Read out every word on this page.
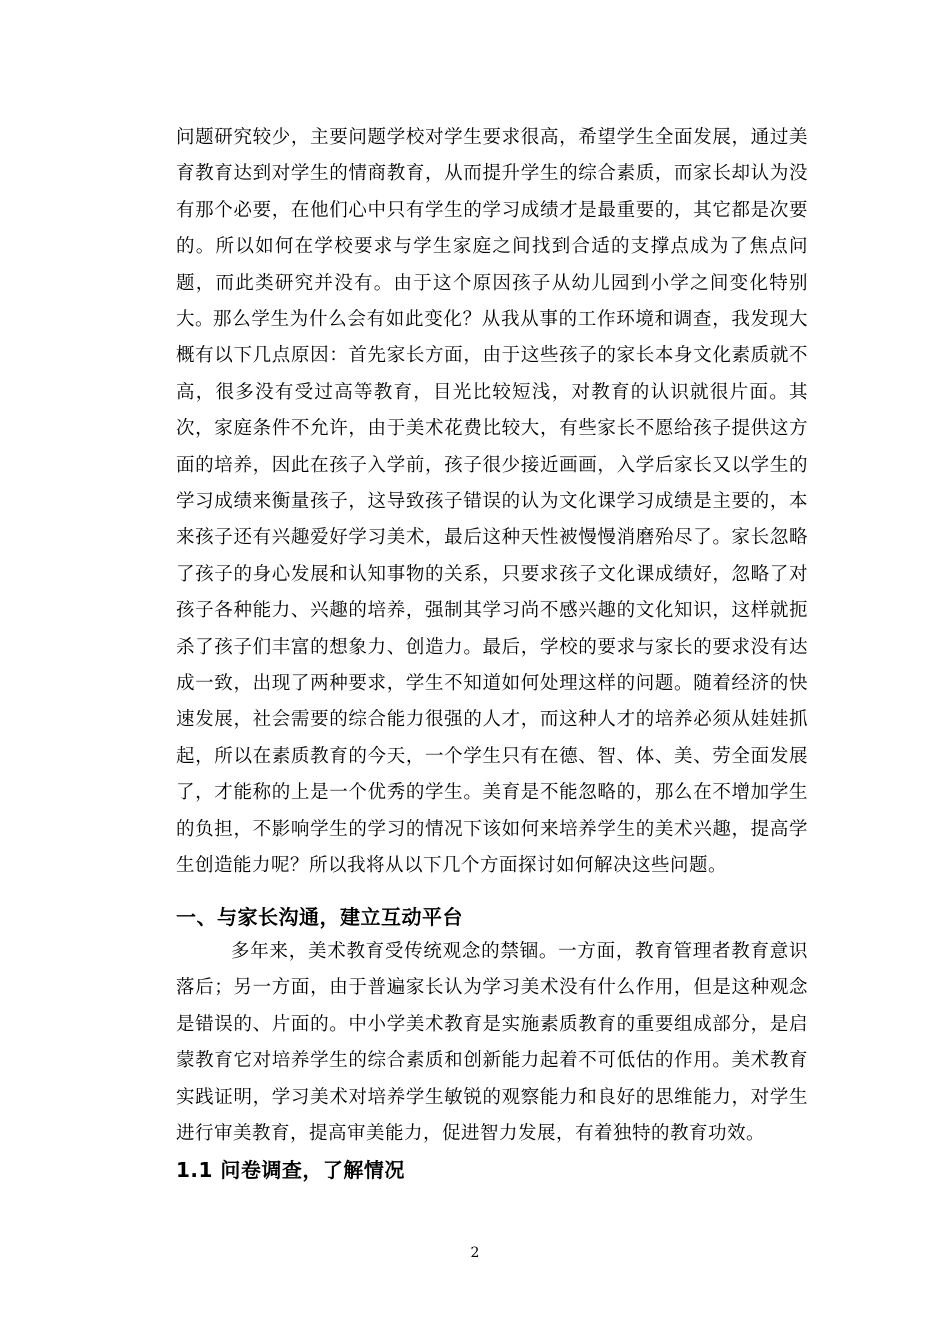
问题研究较少，主要问题学校对学生要求很高，希望学生全面发展，通过美育教育达到对学生的情商教育，从而提升学生的综合素质，而家长却认为没有那个必要，在他们心中只有学生的学习成绩才是最重要的，其它都是次要的。所以如何在学校要求与学生家庭之间找到合适的支撑点成为了焦点问题，而此类研究并没有。由于这个原因孩子从幼儿园到小学之间变化特别大。

那么学生为什么会有如此变化？从我从事的工作环境和调查，我发现大概有以下几点原因：首先家长方面，由于这些孩子的家长本身文化素质就不高，很多没有受过高等教育，目光比较短浅，对教育的认识就很片面。其次，家庭条件不允许，由于美术花费比较大，有些家长不愿给孩子提供这方面的培养，因此在孩子入学前，孩子很少接近画画，入学后家长又以学生的学习成绩来衡量孩子，这导致孩子错误的认为文化课学习成绩是主要的，本来孩子还有兴趣爱好学习美术，最后这种天性被慢慢消磨殆尽了。家长忽略了孩子的身心发展和认知事物的关系，只要求孩子文化课成绩好，忽略了对孩子各种能力、兴趣的培养，强制其学习尚不感兴趣的文化知识，这样就扼杀了孩子们丰富的想象力、创造力。最后，学校的要求与家长的要求没有达成一致，出现了两种要求，学生不知道如何处理这样的问题。随着经济的快速发展，社会需要的综合能力很强的人才，而这种人才的培养必须从娃娃抓起，所以在素质教育的今天，一个学生只有在德、智、体、美、劳全面发展了，才能称的上是一个优秀的学生。美育是不能忽略的，那么在不增加学生的负担，不影响学生的学习的情况下该如何来培养学生的美术兴趣，提高学生创造能力呢？所以我将从以下几个方面探讨如何解决这些问题。

一、与家长沟通，建立互动平台

多年来，美术教育受传统观念的禁锢。一方面，教育管理者教育意识落后；另一方面，由于普遍家长认为学习美术没有什么作用，但是这种观念是错误的、片面的。中小学美术教育是实施素质教育的重要组成部分，是启蒙教育它对培养学生的综合素质和创新能力起着不可低估的作用。美术教育实践证明，学习美术对培养学生敏锐的观察能力和良好的思维能力，对学生进行审美教育，提高审美能力，促进智力发展，有着独特的教育功效。

1.1 问卷调查，了解情况
2
